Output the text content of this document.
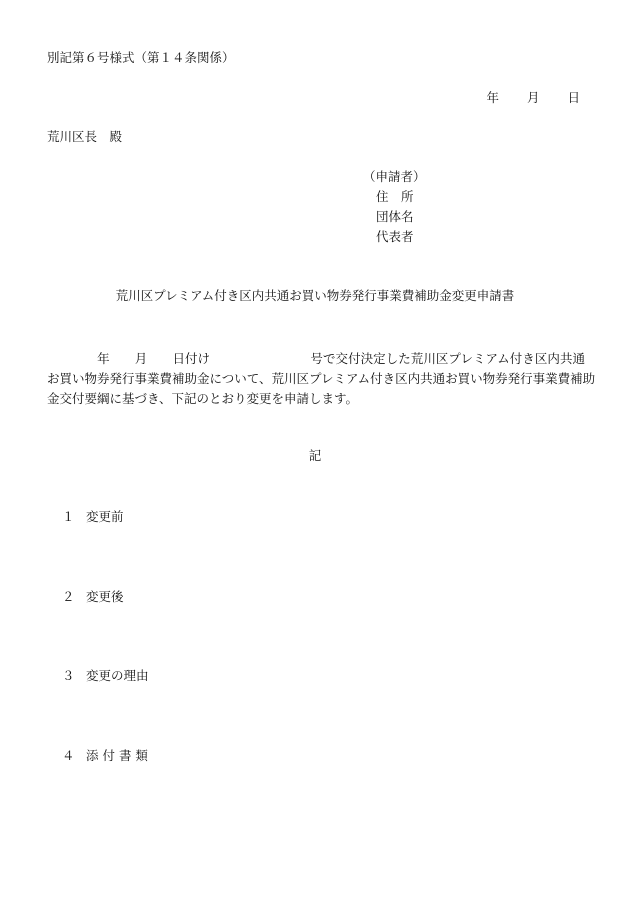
別記第６号様式（第１４条関係）
年 月 日
荒川区長　殿
（申請者）
住　所
団体名
代表者
荒川区プレミアム付き区内共通お買い物券発行事業費補助金変更申請書
　　　　年　　月　　日付け　　　　　　　　号で交付決定した荒川区プレミアム付き区内共通
お買い物券発行事業費補助金について、荒川区プレミアム付き区内共通お買い物券発行事業費補助
金交付要綱に基づき、下記のとおり変更を申請します。
記
１ 変更前
２ 変更後
３ 変更の理由
４ 添 付 書 類
